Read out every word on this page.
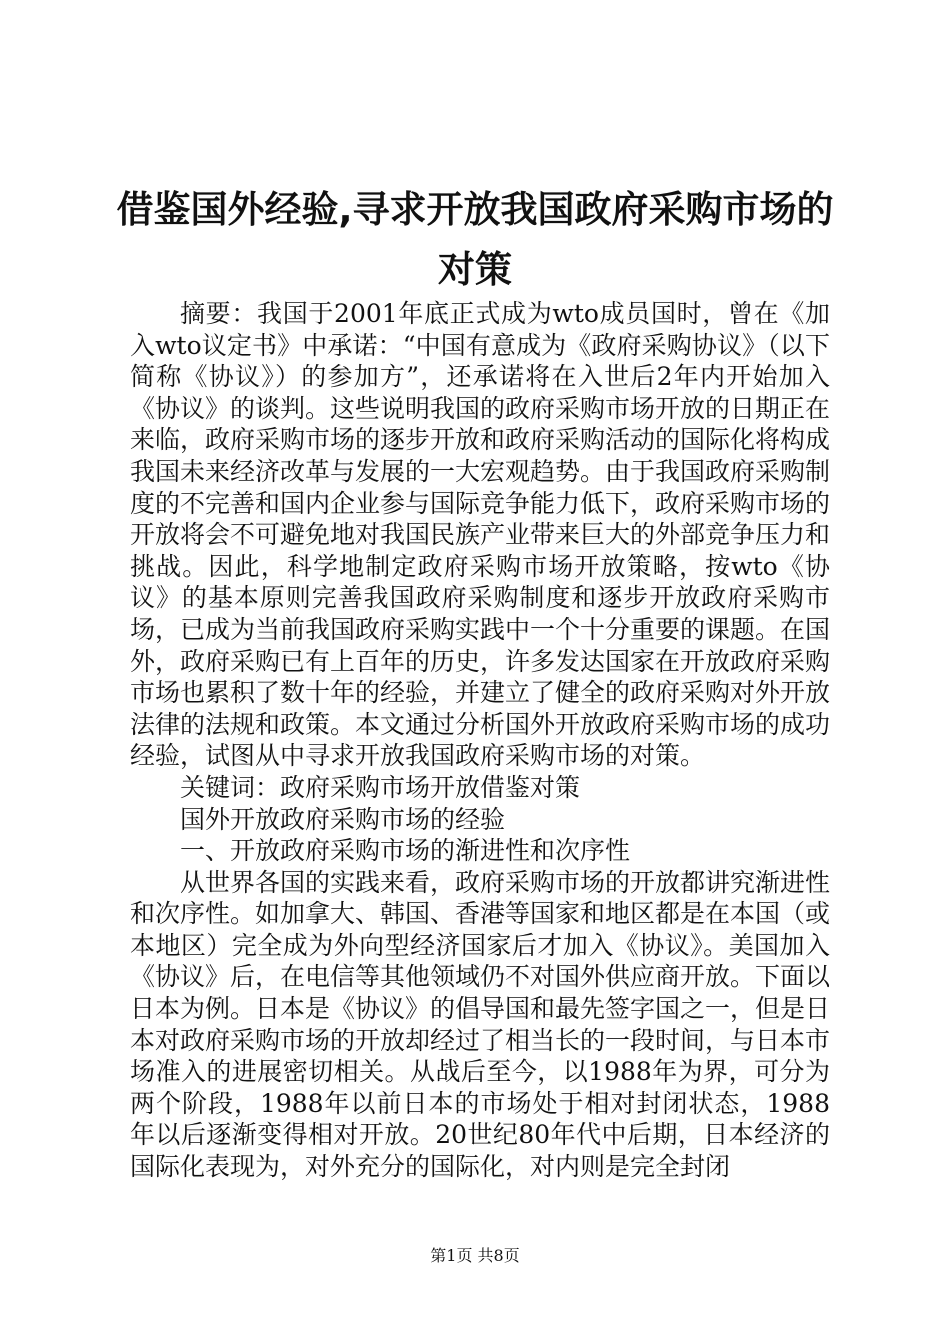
借鉴国外经验,寻求开放我国政府采购市场的对策

摘要：我国于2001年底正式成为wto成员国时，曾在《加入wto议定书》中承诺：“中国有意成为《政府采购协议》（以下简称《协议》）的参加方”，还承诺将在入世后2年内开始加入《协议》的谈判。这些说明我国的政府采购市场开放的日期正在来临，政府采购市场的逐步开放和政府采购活动的国际化将构成我国未来经济改革与发展的一大宏观趋势。由于我国政府采购制度的不完善和国内企业参与国际竞争能力低下，政府采购市场的开放将会不可避免地对我国民族产业带来巨大的外部竞争压力和挑战。因此，科学地制定政府采购市场开放策略，按wto《协议》的基本原则完善我国政府采购制度和逐步开放政府采购市场，已成为当前我国政府采购实践中一个十分重要的课题。在国外，政府采购已有上百年的历史，许多发达国家在开放政府采购市场也累积了数十年的经验，并建立了健全的政府采购对外开放法律的法规和政策。本文通过分析国外开放政府采购市场的成功经验，试图从中寻求开放我国政府采购市场的对策。

关键词：政府采购市场开放借鉴对策

国外开放政府采购市场的经验

一、开放政府采购市场的渐进性和次序性

从世界各国的实践来看，政府采购市场的开放都讲究渐进性和次序性。如加拿大、韩国、香港等国家和地区都是在本国（或本地区）完全成为外向型经济国家后才加入《协议》。美国加入《协议》后，在电信等其他领域仍不对国外供应商开放。下面以日本为例。日本是《协议》的倡导国和最先签字国之一，但是日本对政府采购市场的开放却经过了相当长的一段时间，与日本市场准入的进展密切相关。从战后至今，以1988年为界，可分为两个阶段，1988年以前日本的市场处于相对封闭状态，1988年以后逐渐变得相对开放。20世纪80年代中后期，日本经济的国际化表现为，对外充分的国际化，对内则是完全封闭

第1页 共8页
